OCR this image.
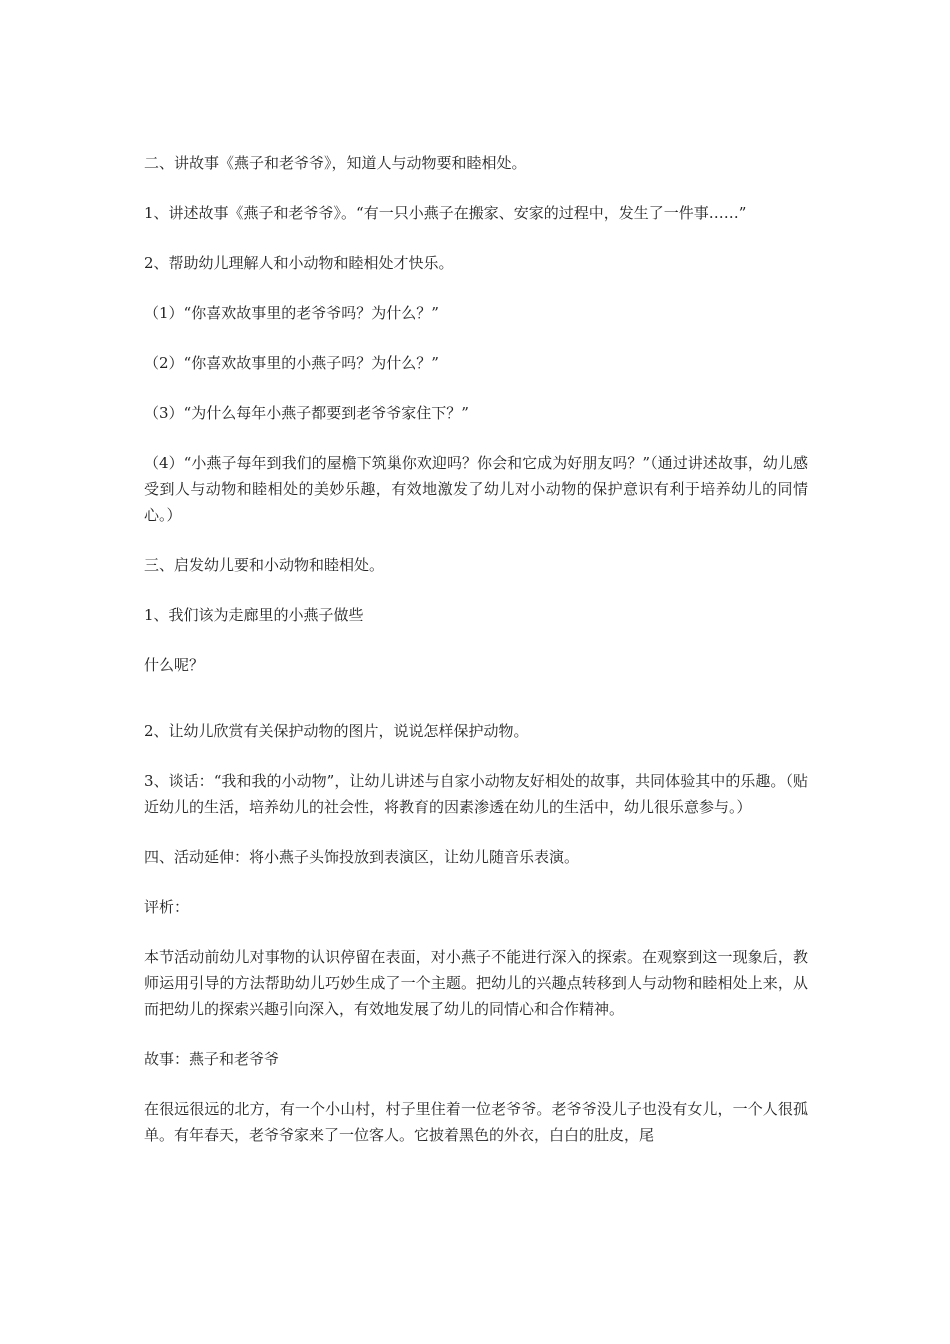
二、讲故事《燕子和老爷爷》，知道人与动物要和睦相处。

1、讲述故事《燕子和老爷爷》。“有一只小燕子在搬家、安家的过程中，发生了一件事……”

2、帮助幼儿理解人和小动物和睦相处才快乐。

（1）“你喜欢故事里的老爷爷吗？为什么？”

（2）“你喜欢故事里的小燕子吗？为什么？”

（3）“为什么每年小燕子都要到老爷爷家住下？”

（4）“小燕子每年到我们的屋檐下筑巢你欢迎吗？你会和它成为好朋友吗？”（通过讲述故事，幼儿感受到人与动物和睦相处的美妙乐趣，有效地激发了幼儿对小动物的保护意识有利于培养幼儿的同情心。）

三、启发幼儿要和小动物和睦相处。

1、我们该为走廊里的小燕子做些

什么呢？

2、让幼儿欣赏有关保护动物的图片，说说怎样保护动物。

3、谈话：“我和我的小动物”，让幼儿讲述与自家小动物友好相处的故事，共同体验其中的乐趣。（贴近幼儿的生活，培养幼儿的社会性，将教育的因素渗透在幼儿的生活中，幼儿很乐意参与。）

四、活动延伸：将小燕子头饰投放到表演区，让幼儿随音乐表演。

评析：

本节活动前幼儿对事物的认识停留在表面，对小燕子不能进行深入的探索。在观察到这一现象后，教师运用引导的方法帮助幼儿巧妙生成了一个主题。把幼儿的兴趣点转移到人与动物和睦相处上来，从而把幼儿的探索兴趣引向深入，有效地发展了幼儿的同情心和合作精神。

故事：燕子和老爷爷

在很远很远的北方，有一个小山村，村子里住着一位老爷爷。老爷爷没儿子也没有女儿，一个人很孤单。有年春天，老爷爷家来了一位客人。它披着黑色的外衣，白白的肚皮，尾
